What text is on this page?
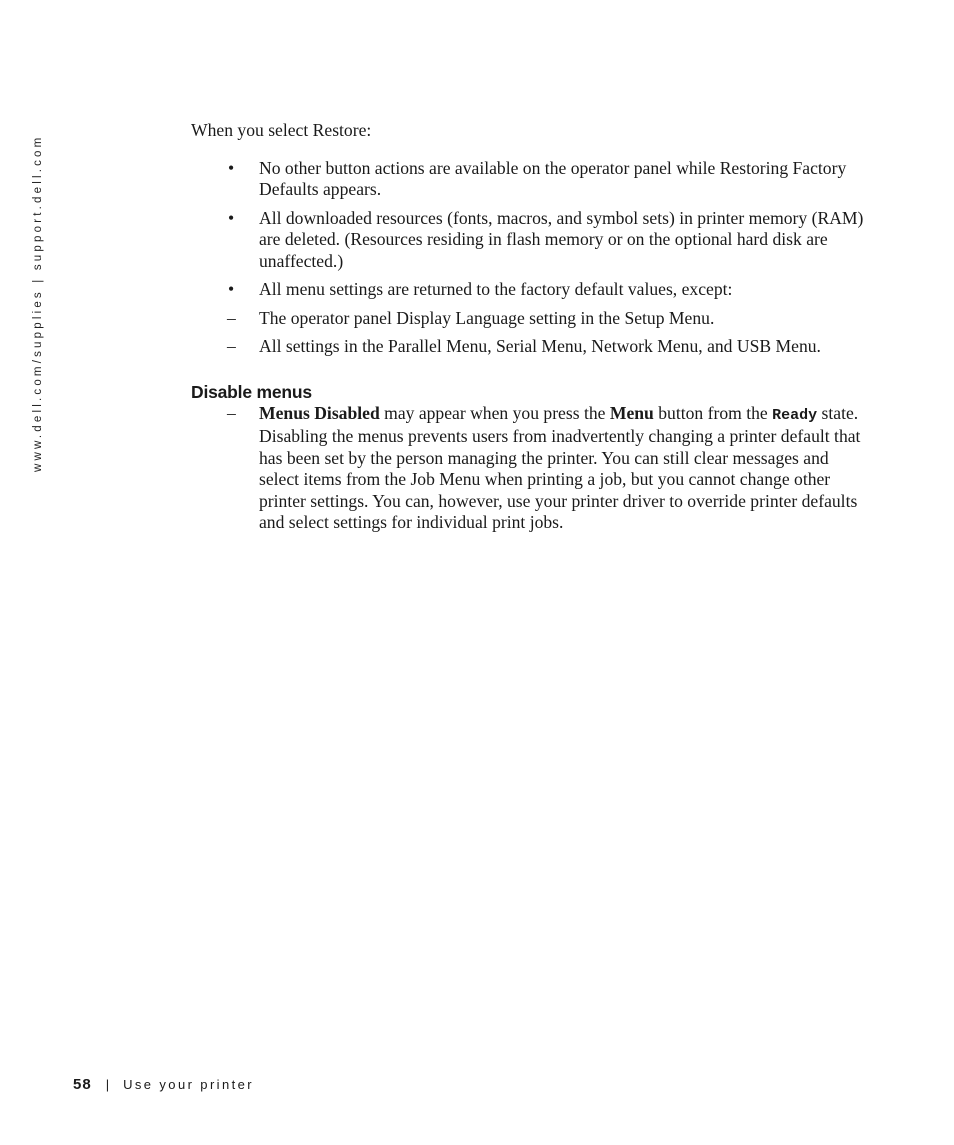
www.dell.com/supplies | support.dell.com

When you select Restore:

• No other button actions are available on the operator panel while Restoring Factory Defaults appears.
• All downloaded resources (fonts, macros, and symbol sets) in printer memory (RAM) are deleted. (Resources residing in flash memory or on the optional hard disk are unaffected.)
• All menu settings are returned to the factory default values, except:
– The operator panel Display Language setting in the Setup Menu.
– All settings in the Parallel Menu, Serial Menu, Network Menu, and USB Menu.
Disable menus
– Menus Disabled may appear when you press the Menu button from the Ready state. Disabling the menus prevents users from inadvertently changing a printer default that has been set by the person managing the printer. You can still clear messages and select items from the Job Menu when printing a job, but you cannot change other printer settings. You can, however, use your printer driver to override printer defaults and select settings for individual print jobs.
58 | Use your printer
